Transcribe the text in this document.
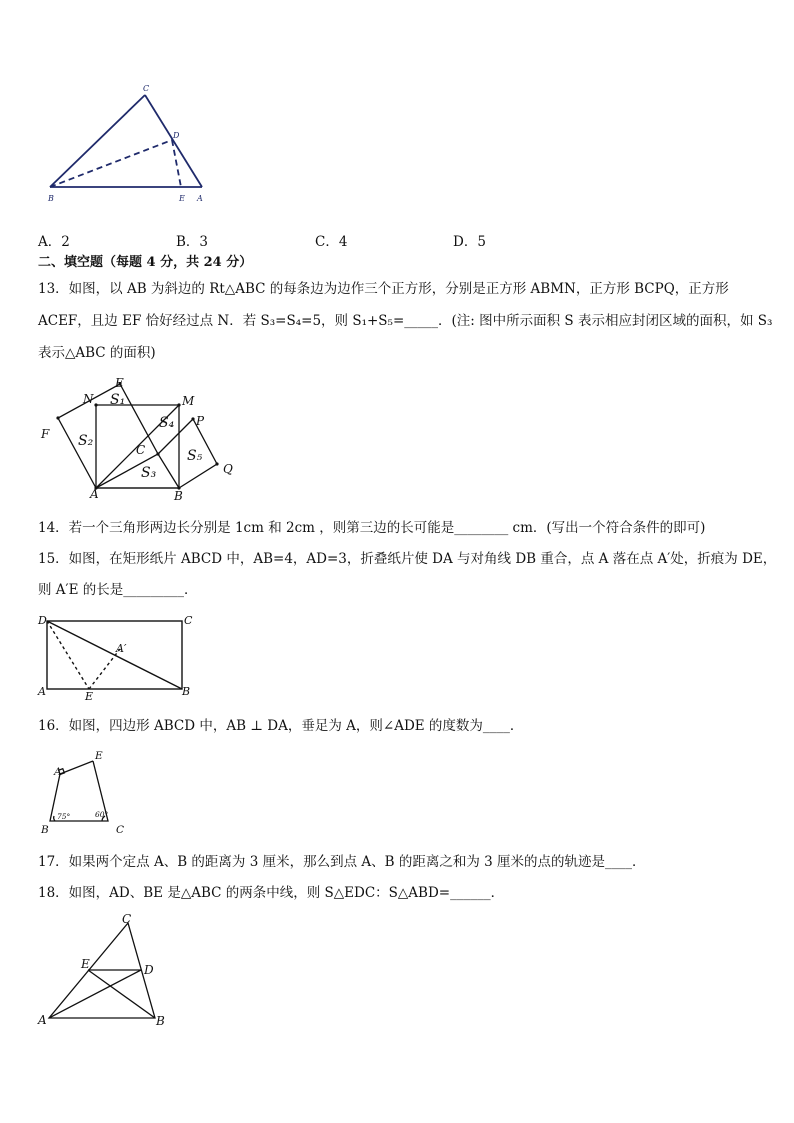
C
D
B	E A
A．2	B．3	C．4	D．5
二、填空题（每题 4 分，共 24 分）
13．如图，以 AB 为斜边的 Rt△ABC 的每条边为边作三个正方形，分别是正方形 ABMN，正方形 BCPQ，正方形
ACEF，且边 EF 恰好经过点 N．若 S₃=S₄=5，则 S₁+S₅=_____．(注: 图中所示面积 S 表示相应封闭区域的面积，如 S₃
表示△ABC 的面积)
E
N	M
P
F
C
Q
A	B
S₁
S₂
S₃
S₄
S₅
14．若一个三角形两边长分别是 1cm 和 2cm ，则第三边的长可能是________ cm．(写出一个符合条件的即可)
15．如图，在矩形纸片 ABCD 中，AB=4，AD=3，折叠纸片使 DA 与对角线 DB 重合，点 A 落在点 A′处，折痕为 DE，
则 A′E 的长是_________．
D	C
A′
A	E	B
16．如图，四边形 ABCD 中，AB ⊥ DA，垂足为 A，则∠ADE 的度数为____．
E
A
B	C
75°	60°
17．如果两个定点 A、B 的距离为 3 厘米，那么到点 A、B 的距离之和为 3 厘米的点的轨迹是____．
18．如图，AD、BE 是△ABC 的两条中线，则 S△EDC：S△ABD=______．
C
E	D
A	B
